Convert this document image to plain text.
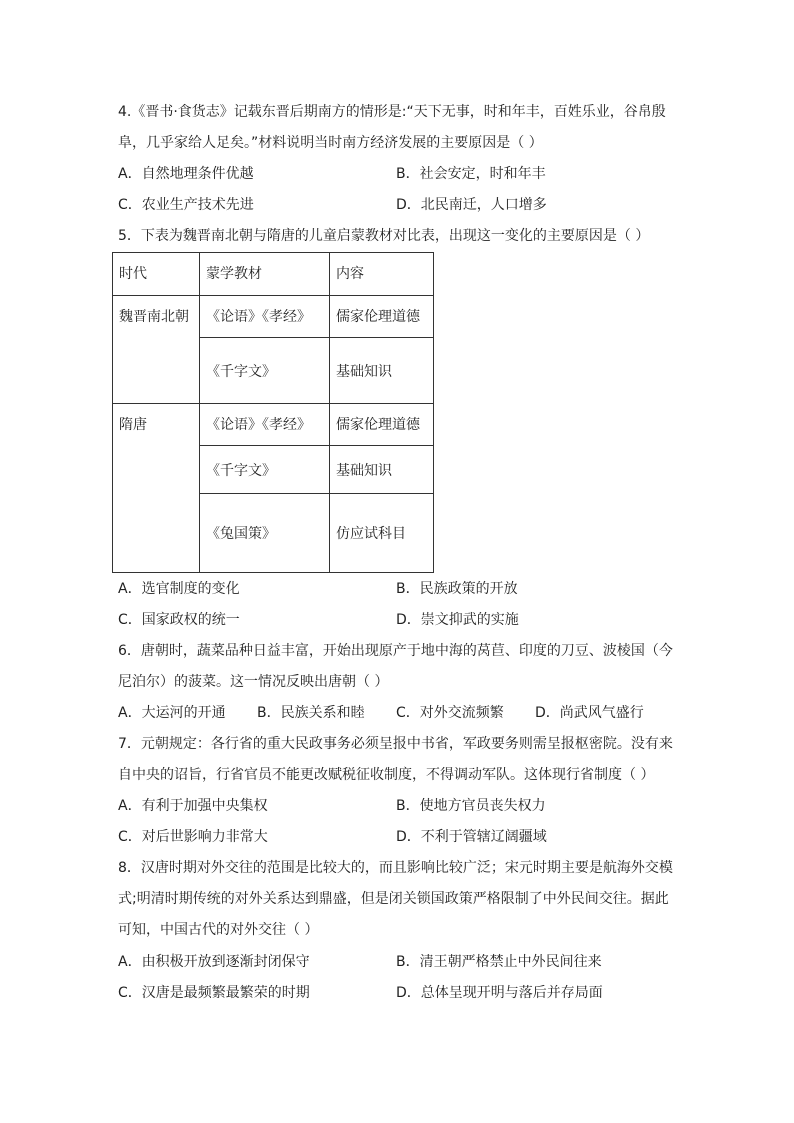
4.《晋书·食货志》记载东晋后期南方的情形是:“天下无事，时和年丰，百姓乐业，谷帛殷
阜，几乎家给人足矣。”材料说明当时南方经济发展的主要原因是（ ）
A．自然地理条件优越	B．社会安定，时和年丰
C．农业生产技术先进	D．北民南迁，人口增多
5．下表为魏晋南北朝与隋唐的儿童启蒙教材对比表，出现这一变化的主要原因是（ ）
时代	蒙学教材	内容
魏晋南北朝	《论语》《孝经》	儒家伦理道德
	《千字文》	基础知识
隋唐	《论语》《孝经》	儒家伦理道德
	《千字文》	基础知识
	《兔国策》	仿应试科目
A．选官制度的变化	B．民族政策的开放
C．国家政权的统一	D．崇文抑武的实施
6．唐朝时，蔬菜品种日益丰富，开始出现原产于地中海的莴苣、印度的刀豆、波棱国（今
尼泊尔）的菠菜。这一情况反映出唐朝（ ）
A．大运河的开通 B．民族关系和睦 C．对外交流频繁 D．尚武风气盛行
7．元朝规定：各行省的重大民政事务必须呈报中书省，军政要务则需呈报枢密院。没有来
自中央的诏旨，行省官员不能更改赋税征收制度，不得调动军队。这体现行省制度（ ）
A．有利于加强中央集权	B．使地方官员丧失权力
C．对后世影响力非常大	D．不利于管辖辽阔疆域
8．汉唐时期对外交往的范围是比较大的，而且影响比较广泛；宋元时期主要是航海外交模
式;明清时期传统的对外关系达到鼎盛，但是闭关锁国政策严格限制了中外民间交往。据此
可知，中国古代的对外交往（ ）
A．由积极开放到逐渐封闭保守	B．清王朝严格禁止中外民间往来
C．汉唐是最频繁最繁荣的时期	D．总体呈现开明与落后并存局面
